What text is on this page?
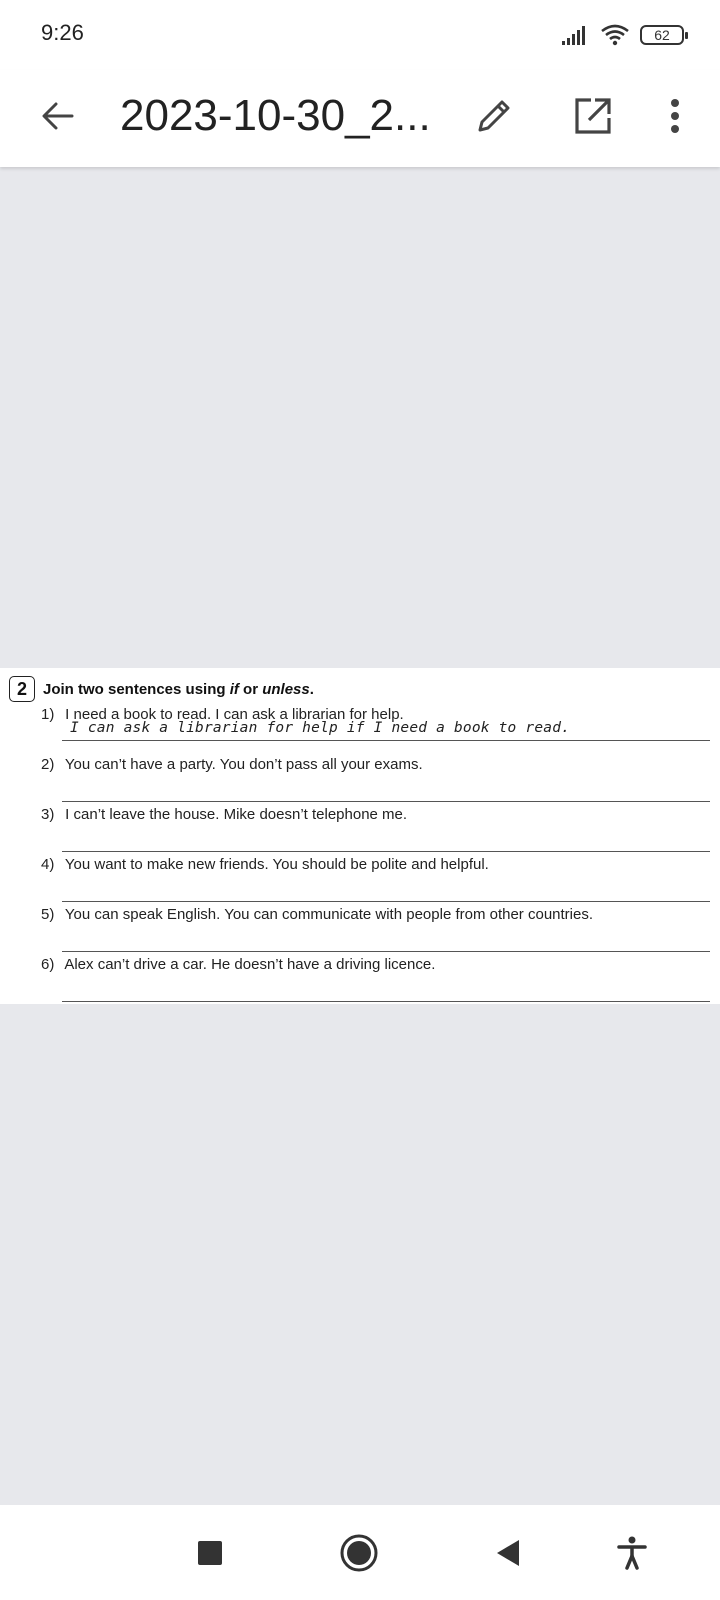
9:26	62
2023-10-30_2...
2	Join two sentences using if or unless.
1) I need a book to read. I can ask a librarian for help.
I can ask a librarian for help if I need a book to read.
2) You can’t have a party. You don’t pass all your exams.
3) I can’t leave the house. Mike doesn’t telephone me.
4) You want to make new friends. You should be polite and helpful.
5) You can speak English. You can communicate with people from other countries.
6) Alex can’t drive a car. He doesn’t have a driving licence.
